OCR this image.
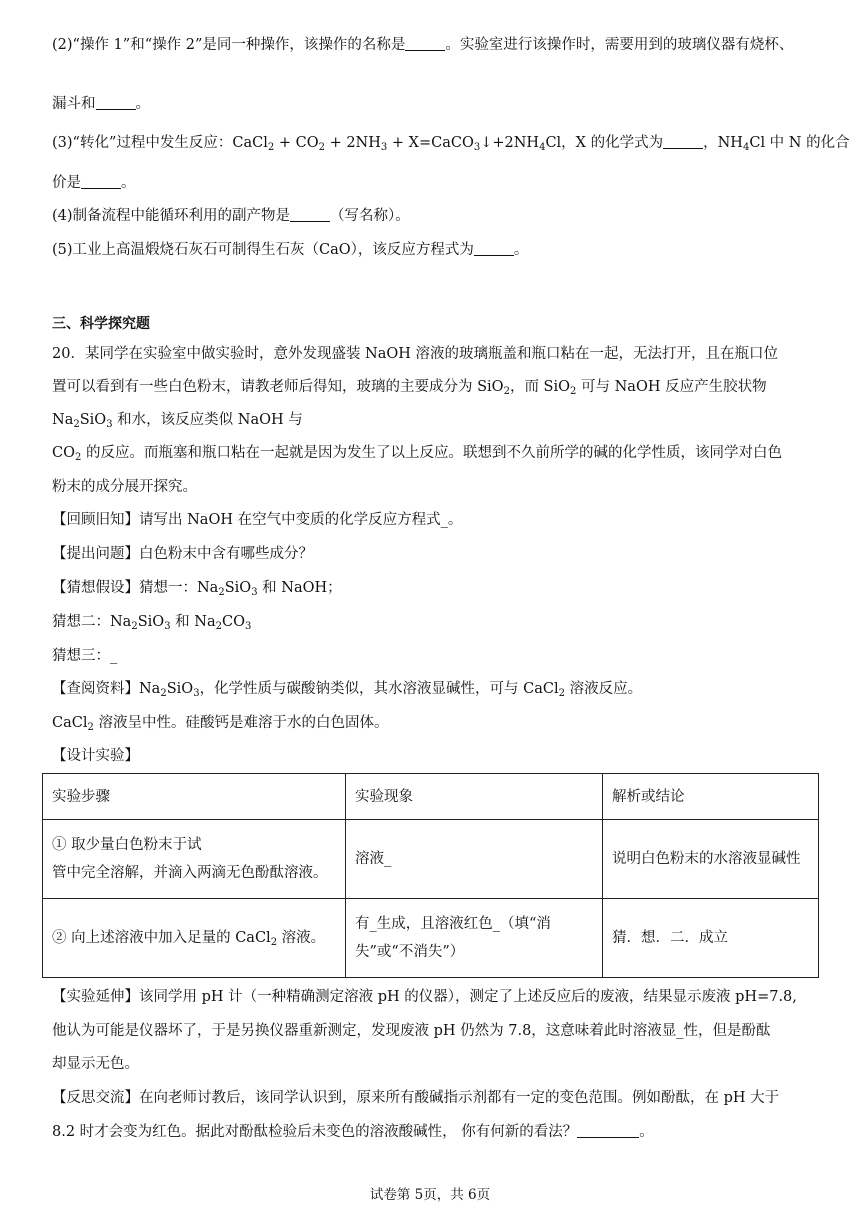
(2)“操作 1”和“操作 2”是同一种操作，该操作的名称是	。实验室进行该操作时，需要用到的玻璃仪器有烧杯、
漏斗和	。
(3)“转化”过程中发生反应：CaCl$_2$ + $CO_2 + 2NH_3$ + $X=CaCO_3↓+2NH_4Cl$，X 的化学式为	，$NH_4Cl$ 中 N 的化合
价是	。
(4)制备流程中能循环利用的副产物是	（写名称）。
(5)工业上高温煅烧石灰石可制得生石灰（CaO），该反应方程式为	。
三、科学探究题
20．某同学在实验室中做实验时，意外发现盛装 NaOH 溶液的玻璃瓶盖和瓶口粘在一起，无法打开，且在瓶口位
置可以看到有一些白色粉末，请教老师后得知，玻璃的主要成分为 SiO$_2$，而 SiO$_2$ 可与 NaOH 反应产生胶状物
$Na_2SiO_3$ 和水，该反应类似 NaOH 与
$CO_2$ 的反应。而瓶塞和瓶口粘在一起就是因为发生了以上反应。联想到不久前所学的碱的化学性质，该同学对白色
粉末的成分展开探究。
【回顾旧知】请写出 NaOH 在空气中变质的化学反应方程式_。
【提出问题】白色粉末中含有哪些成分？
【猜想假设】猜想一：$Na_2SiO_3$ 和 NaOH；
猜想二：$Na_2SiO_3$ 和 $Na_2CO_3$
猜想三：_
【查阅资料】$Na_2SiO_3$，化学性质与碳酸钠类似，其水溶液显碱性，可与 CaCl$_2$ 溶液反应。
CaCl$_2$ 溶液呈中性。硅酸钙是难溶于水的白色固体。
【设计实验】
实验步骤	实验现象	解析或结论
① 取少量白色粉末于试
管中完全溶解，并滴入两滴无色酚酞溶液。	溶液_	说明白色粉末的水溶液显碱性
② 向上述溶液中加入足量的 CaCl$_2$ 溶液。	有_生成，且溶液红色_（填“消失”或“不消失”）	猜．想．二．成立
【实验延伸】该同学用 pH 计（一种精确测定溶液 pH 的仪器），测定了上述反应后的废液，结果显示废液 pH=7.8,
他认为可能是仪器坏了，于是另换仪器重新测定，发现废液 pH 仍然为 7.8，这意味着此时溶液显_性，但是酚酞
却显示无色。
【反思交流】在向老师讨教后，该同学认识到，原来所有酸碱指示剂都有一定的变色范围。例如酚酞，在 pH 大于
8.2 时才会变为红色。据此对酚酞检验后未变色的溶液酸碱性， 你有何新的看法？	。
试卷第 5页，共 6页
